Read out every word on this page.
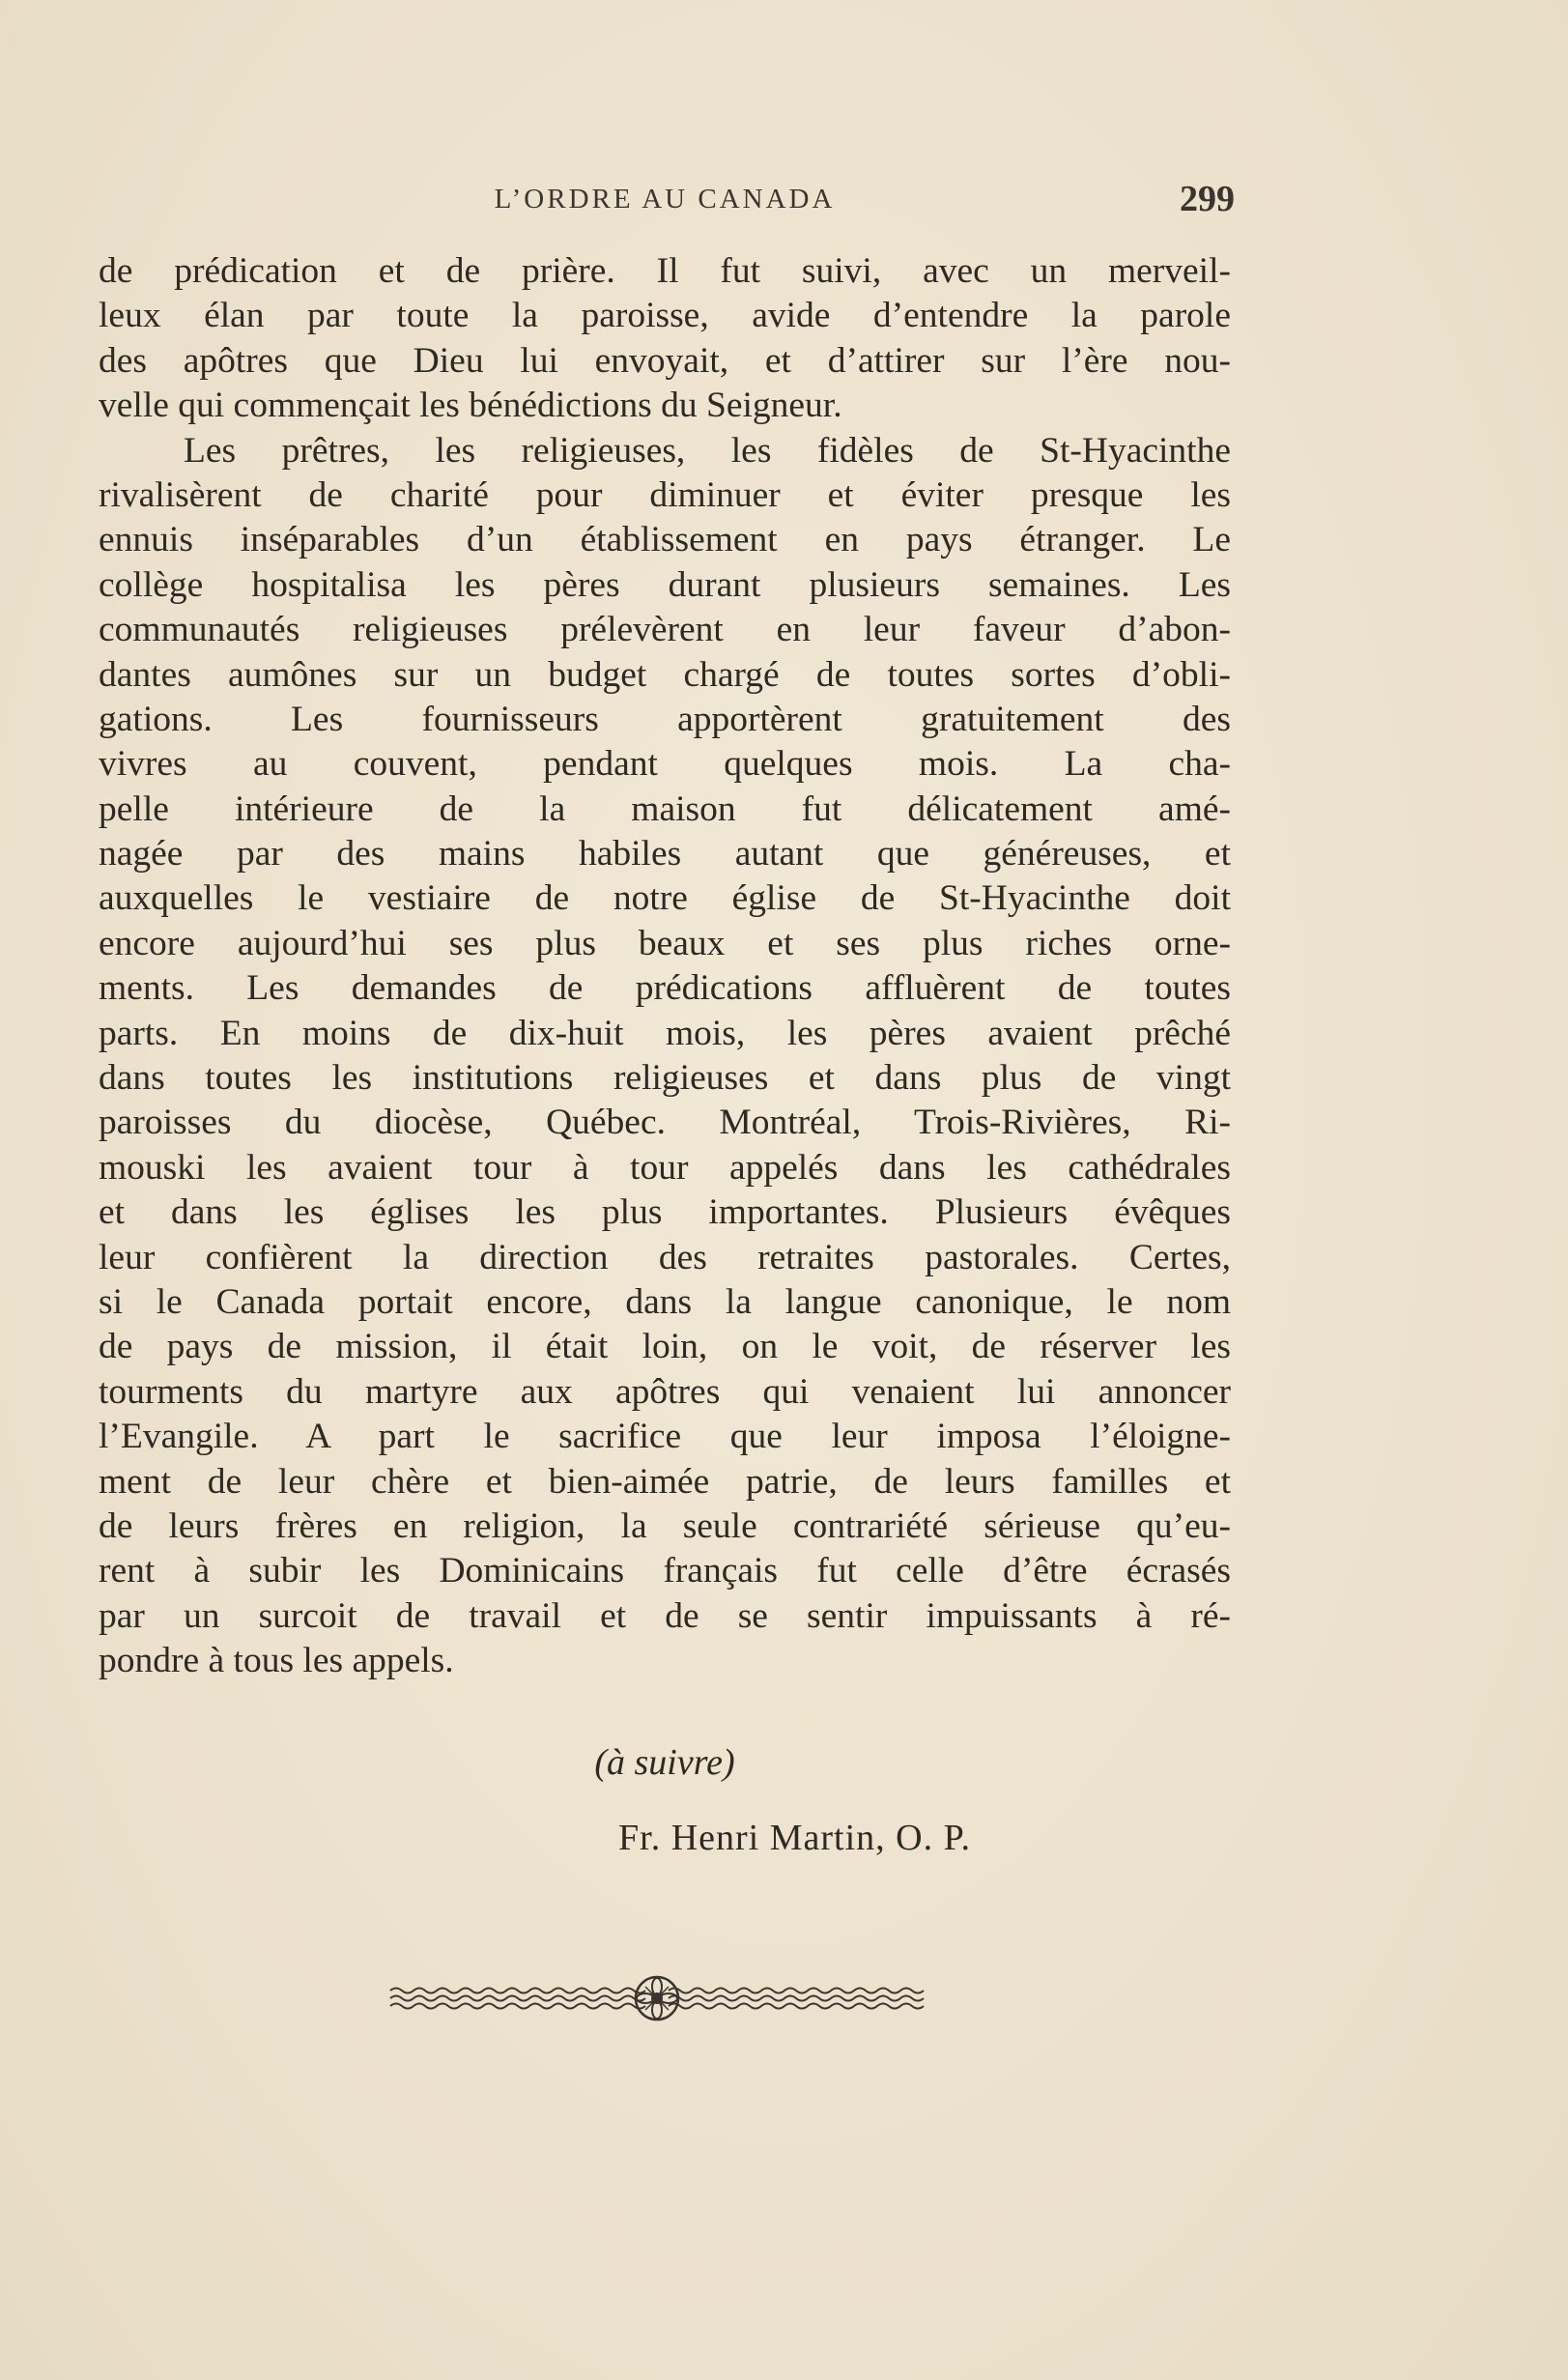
L’ORDRE AU CANADA	299
de prédication et de prière. Il fut suivi, avec un merveil-
leux élan par toute la paroisse, avide d’entendre la parole
des apôtres que Dieu lui envoyait, et d’attirer sur l’ère nou-
velle qui commençait les bénédictions du Seigneur.
Les prêtres, les religieuses, les fidèles de St-Hyacinthe
rivalisèrent de charité pour diminuer et éviter presque les
ennuis inséparables d’un établissement en pays étranger. Le
collège hospitalisa les pères durant plusieurs semaines. Les
communautés religieuses prélevèrent en leur faveur d’abon-
dantes aumônes sur un budget chargé de toutes sortes d’obli-
gations. Les fournisseurs apportèrent gratuitement des
vivres au couvent, pendant quelques mois. La cha-
pelle intérieure de la maison fut délicatement amé-
nagée par des mains habiles autant que généreuses, et
auxquelles le vestiaire de notre église de St-Hyacinthe doit
encore aujourd’hui ses plus beaux et ses plus riches orne-
ments. Les demandes de prédications affluèrent de toutes
parts. En moins de dix-huit mois, les pères avaient prêché
dans toutes les institutions religieuses et dans plus de vingt
paroisses du diocèse, Québec. Montréal, Trois-Rivières, Ri-
mouski les avaient tour à tour appelés dans les cathédrales
et dans les églises les plus importantes. Plusieurs évêques
leur confièrent la direction des retraites pastorales. Certes,
si le Canada portait encore, dans la langue canonique, le nom
de pays de mission, il était loin, on le voit, de réserver les
tourments du martyre aux apôtres qui venaient lui annoncer
l’Evangile. A part le sacrifice que leur imposa l’éloigne-
ment de leur chère et bien-aimée patrie, de leurs familles et
de leurs frères en religion, la seule contrariété sérieuse qu’eu-
rent à subir les Dominicains français fut celle d’être écrasés
par un surcoit de travail et de se sentir impuissants à ré-
pondre à tous les appels.
(à suivre)
Fr. Henri Martin, O. P.
